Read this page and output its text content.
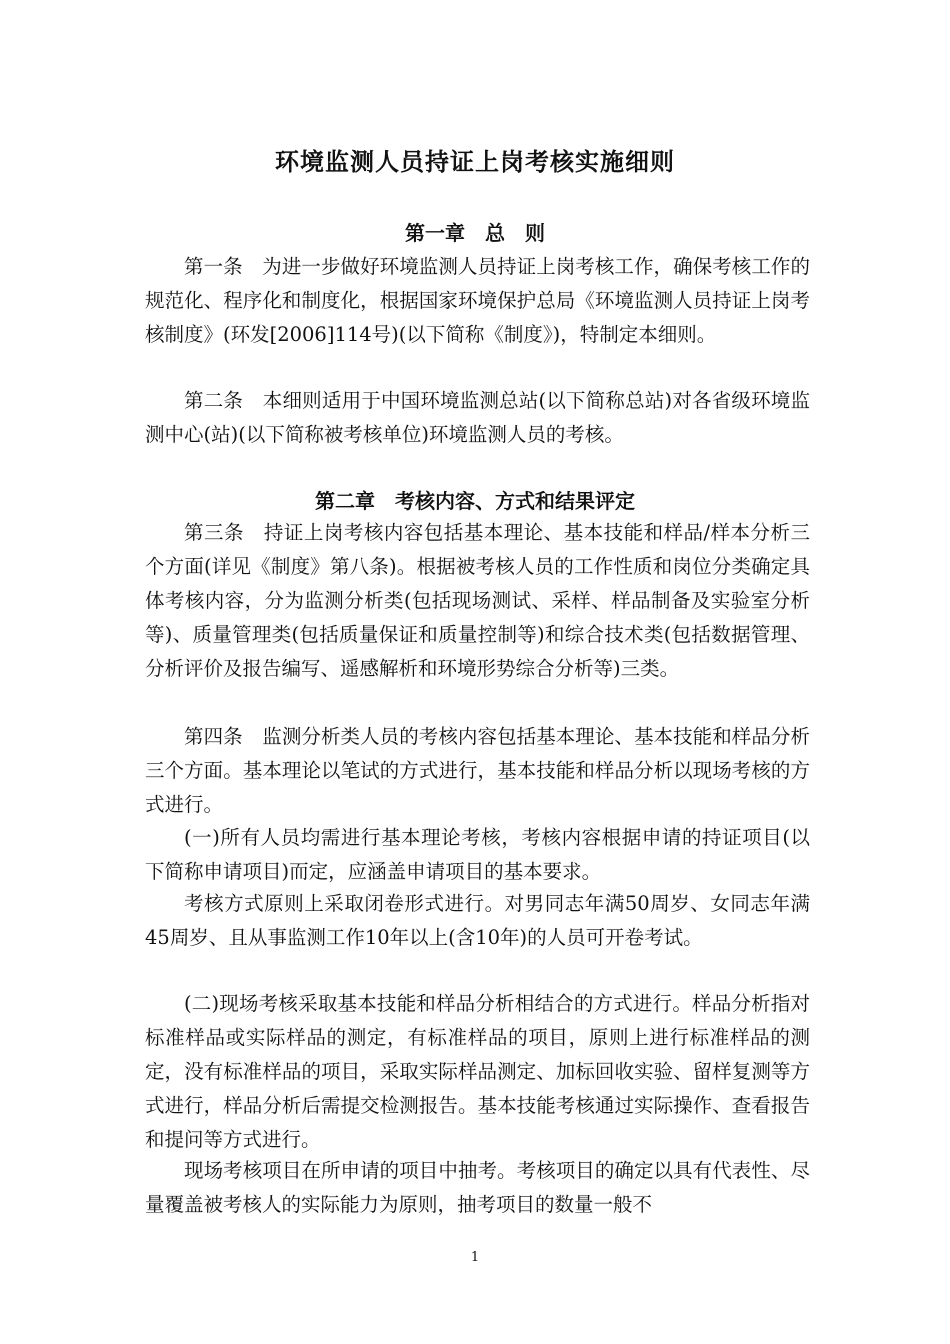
环境监测人员持证上岗考核实施细则
第一章　总　则

第一条　为进一步做好环境监测人员持证上岗考核工作，确保考核工作的规范化、程序化和制度化，根据国家环境保护总局《环境监测人员持证上岗考核制度》(环发[2006]114号)(以下简称《制度》)，特制定本细则。

第二条　本细则适用于中国环境监测总站(以下简称总站)对各省级环境监测中心(站)(以下简称被考核单位)环境监测人员的考核。

第二章　考核内容、方式和结果评定

第三条　持证上岗考核内容包括基本理论、基本技能和样品/样本分析三个方面(详见《制度》第八条)。根据被考核人员的工作性质和岗位分类确定具体考核内容，分为监测分析类(包括现场测试、采样、样品制备及实验室分析等)、质量管理类(包括质量保证和质量控制等)和综合技术类(包括数据管理、分析评价及报告编写、遥感解析和环境形势综合分析等)三类。

第四条　监测分析类人员的考核内容包括基本理论、基本技能和样品分析三个方面。基本理论以笔试的方式进行，基本技能和样品分析以现场考核的方式进行。

(一)所有人员均需进行基本理论考核，考核内容根据申请的持证项目(以下简称申请项目)而定，应涵盖申请项目的基本要求。

考核方式原则上采取闭卷形式进行。对男同志年满50周岁、女同志年满45周岁、且从事监测工作10年以上(含10年)的人员可开卷考试。

(二)现场考核采取基本技能和样品分析相结合的方式进行。样品分析指对标准样品或实际样品的测定，有标准样品的项目，原则上进行标准样品的测定，没有标准样品的项目，采取实际样品测定、加标回收实验、留样复测等方式进行，样品分析后需提交检测报告。基本技能考核通过实际操作、查看报告和提问等方式进行。

现场考核项目在所申请的项目中抽考。考核项目的确定以具有代表性、尽量覆盖被考核人的实际能力为原则，抽考项目的数量一般不

1
